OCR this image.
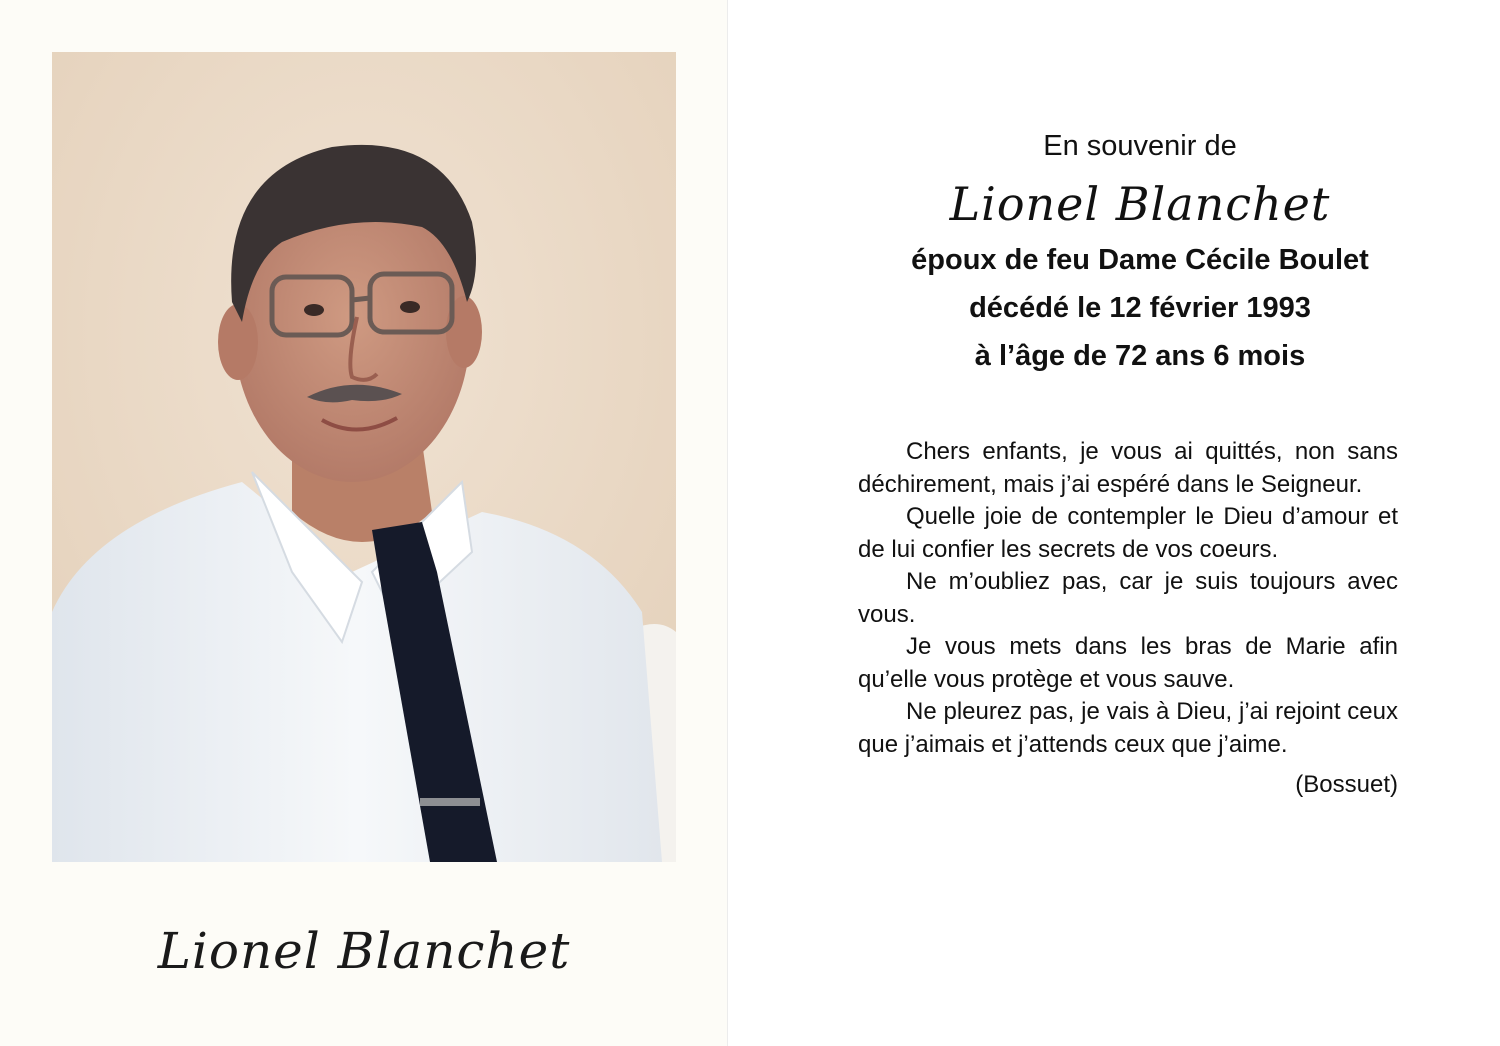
Lionel Blanchet
En souvenir de
Lionel Blanchet
époux de feu Dame Cécile Boulet
décédé le 12 février 1993
à l’âge de 72 ans 6 mois

Chers enfants, je vous ai quittés, non sans déchirement, mais j’ai espéré dans le Seigneur.

Quelle joie de contempler le Dieu d’amour et de lui confier les secrets de vos coeurs.

Ne m’oubliez pas, car je suis toujours avec vous.

Je vous mets dans les bras de Marie afin qu’elle vous protège et vous sauve.

Ne pleurez pas, je vais à Dieu, j’ai rejoint ceux que j’aimais et j’attends ceux que j’aime.

(Bossuet)
